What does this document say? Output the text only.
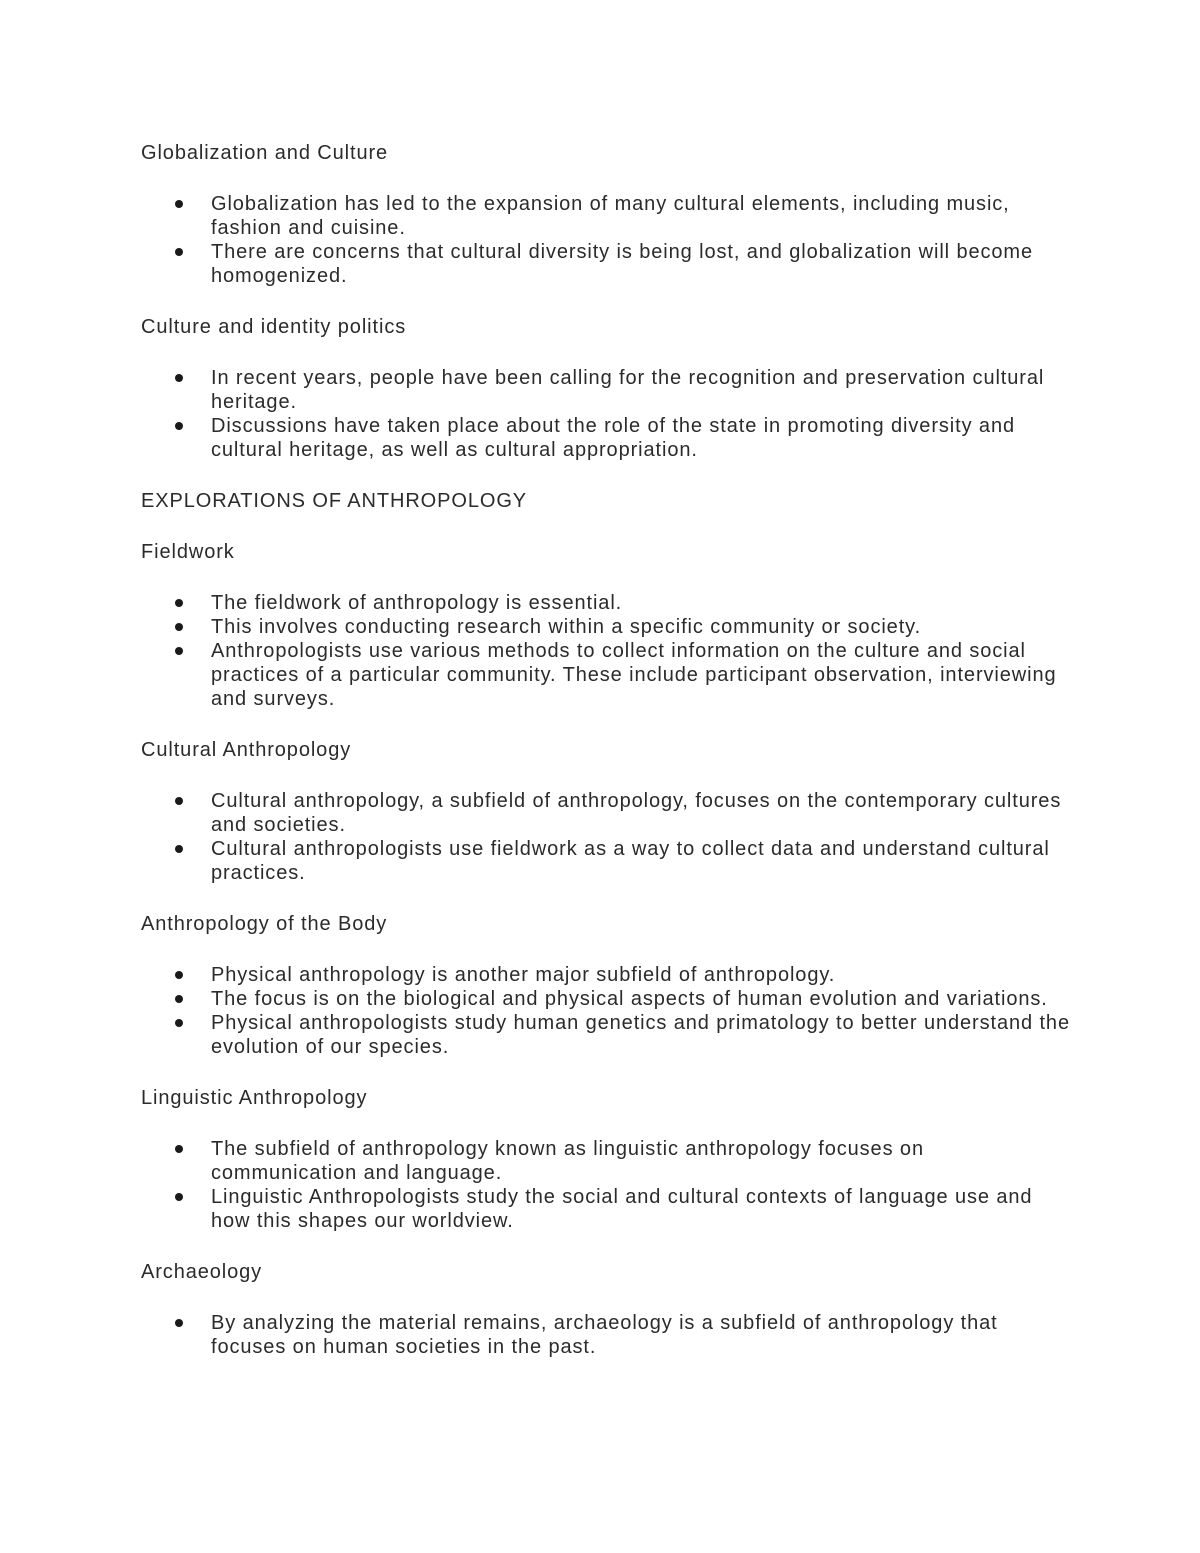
Globalization and Culture

Globalization has led to the expansion of many cultural elements, including music, fashion and cuisine.
There are concerns that cultural diversity is being lost, and globalization will become homogenized.

Culture and identity politics

In recent years, people have been calling for the recognition and preservation cultural heritage.
Discussions have taken place about the role of the state in promoting diversity and cultural heritage, as well as cultural appropriation.

EXPLORATIONS OF ANTHROPOLOGY

Fieldwork

The fieldwork of anthropology is essential.
This involves conducting research within a specific community or society.
Anthropologists use various methods to collect information on the culture and social practices of a particular community. These include participant observation, interviewing and surveys.

Cultural Anthropology

Cultural anthropology, a subfield of anthropology, focuses on the contemporary cultures and societies.
Cultural anthropologists use fieldwork as a way to collect data and understand cultural practices.

Anthropology of the Body

Physical anthropology is another major subfield of anthropology.
The focus is on the biological and physical aspects of human evolution and variations.
Physical anthropologists study human genetics and primatology to better understand the evolution of our species.

Linguistic Anthropology

The subfield of anthropology known as linguistic anthropology focuses on communication and language.
Linguistic Anthropologists study the social and cultural contexts of language use and how this shapes our worldview.

Archaeology

By analyzing the material remains, archaeology is a subfield of anthropology that focuses on human societies in the past.
